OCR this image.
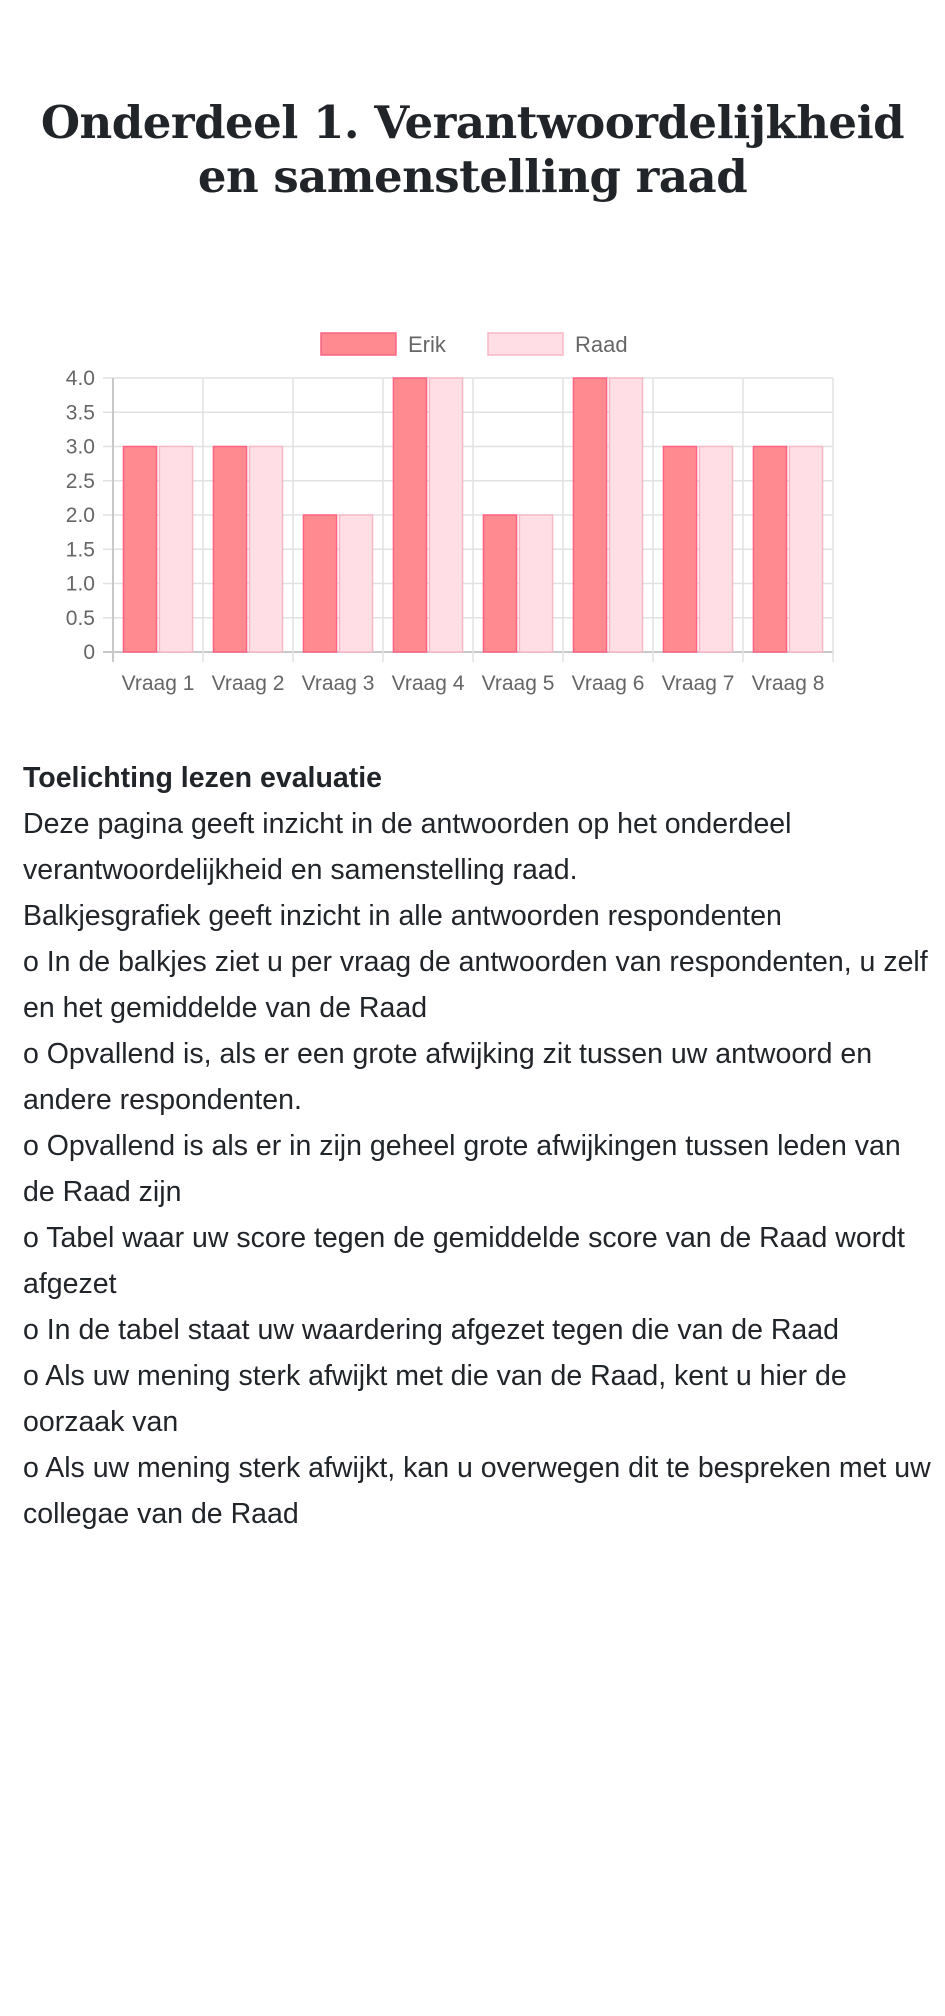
Onderdeel 1. Verantwoordelijkheid en samenstelling raad
0
0.5
1.0
1.5
2.0
2.5
3.0
3.5
4.0
Vraag 1 Vraag 2 Vraag 3 Vraag 4 Vraag 5 Vraag 6 Vraag 7 Vraag 8
Erik	Raad
Toelichting lezen evaluatie
Deze pagina geeft inzicht in de antwoorden op het onderdeel verantwoordelijkheid en samenstelling raad.
Balkjesgrafiek geeft inzicht in alle antwoorden respondenten
o In de balkjes ziet u per vraag de antwoorden van respondenten, u zelf en het gemiddelde van de Raad
o Opvallend is, als er een grote afwijking zit tussen uw antwoord en andere respondenten.
o Opvallend is als er in zijn geheel grote afwijkingen tussen leden van de Raad zijn
o Tabel waar uw score tegen de gemiddelde score van de Raad wordt afgezet
o In de tabel staat uw waardering afgezet tegen die van de Raad
o Als uw mening sterk afwijkt met die van de Raad, kent u hier de oorzaak van
o Als uw mening sterk afwijkt, kan u overwegen dit te bespreken met uw collegae van de Raad
